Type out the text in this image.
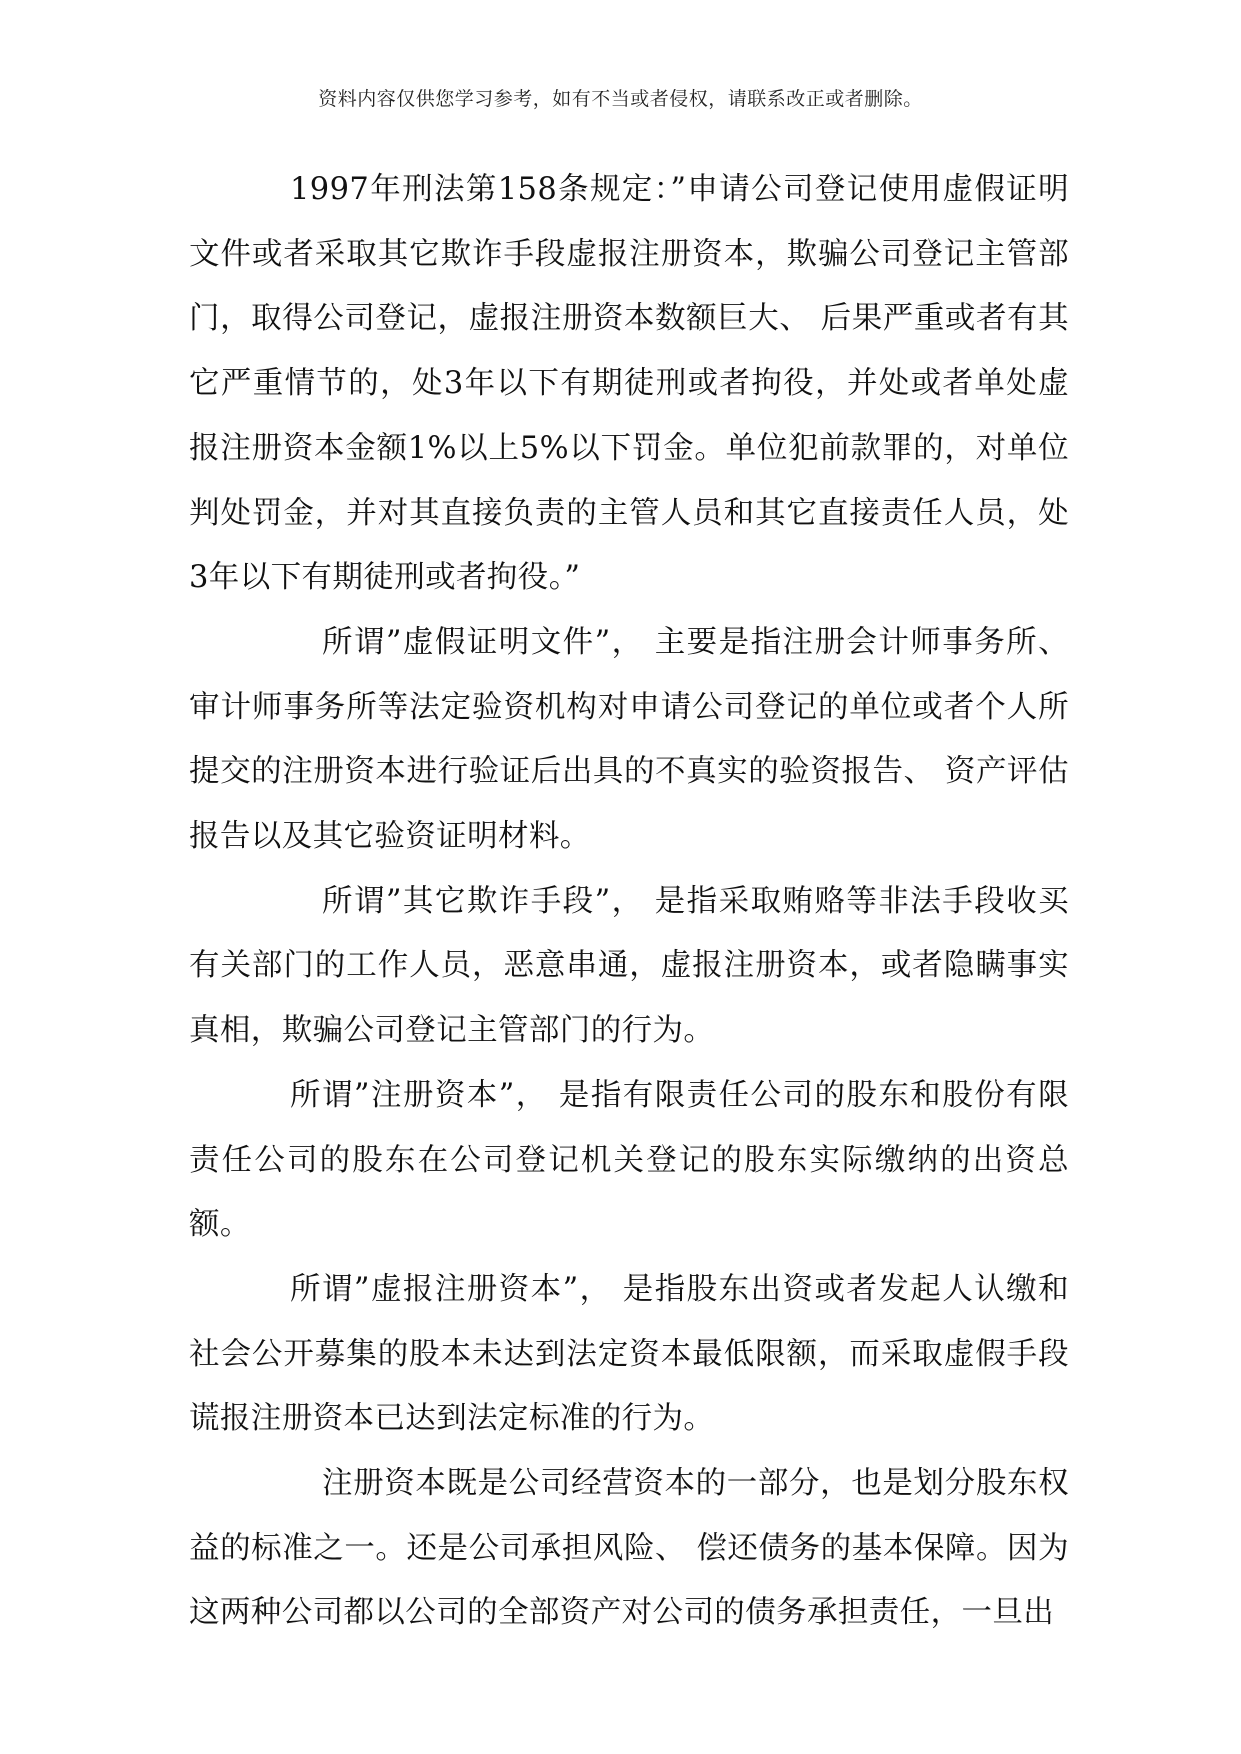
资料内容仅供您学习参考，如有不当或者侵权，请联系改正或者删除。

1997年刑法第158条规定：”申请公司登记使用虚假证明文件或者采取其它欺诈手段虚报注册资本，欺骗公司登记主管部门，取得公司登记，虚报注册资本数额巨大、 后果严重或者有其它严重情节的，处3年以下有期徒刑或者拘役，并处或者单处虚报注册资本金额1%以上5%以下罚金。单位犯前款罪的，对单位判处罚金，并对其直接负责的主管人员和其它直接责任人员，处3年以下有期徒刑或者拘役。”

所谓”虚假证明文件”， 主要是指注册会计师事务所、 审计师事务所等法定验资机构对申请公司登记的单位或者个人所提交的注册资本进行验证后出具的不真实的验资报告、 资产评估报告以及其它验资证明材料。

所谓”其它欺诈手段”， 是指采取贿赂等非法手段收买有关部门的工作人员，恶意串通，虚报注册资本，或者隐瞒事实真相，欺骗公司登记主管部门的行为。

所谓”注册资本”， 是指有限责任公司的股东和股份有限责任公司的股东在公司登记机关登记的股东实际缴纳的出资总额。

所谓”虚报注册资本”， 是指股东出资或者发起人认缴和社会公开募集的股本未达到法定资本最低限额，而采取虚假手段谎报注册资本已达到法定标准的行为。

注册资本既是公司经营资本的一部分，也是划分股东权益的标准之一。还是公司承担风险、 偿还债务的基本保障。因为这两种公司都以公司的全部资产对公司的债务承担责任，一旦出
